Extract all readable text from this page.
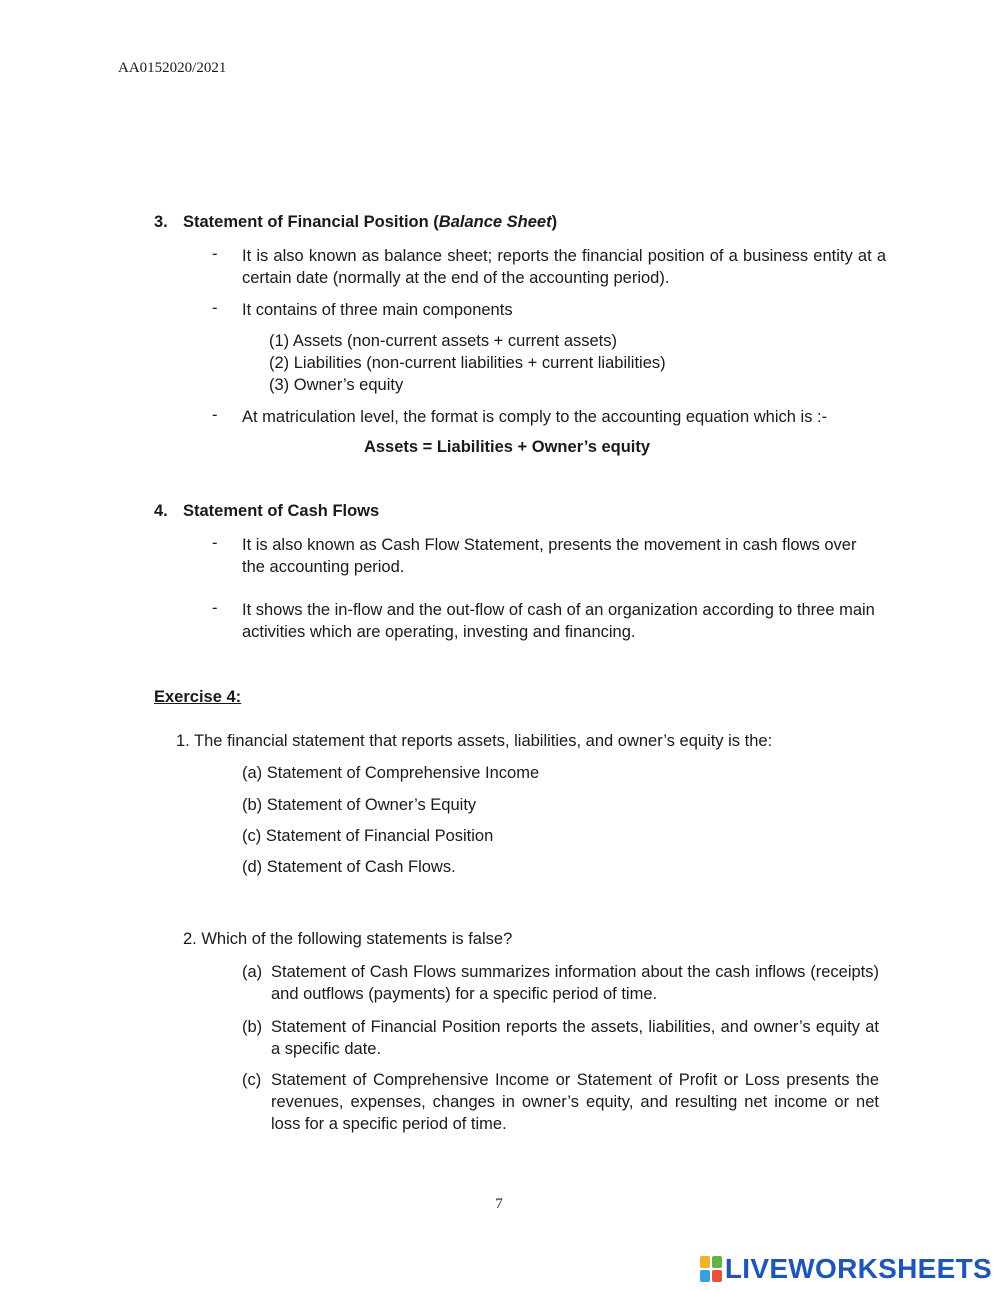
AA0152020/2021
3. Statement of Financial Position (Balance Sheet)
- It is also known as balance sheet; reports the financial position of a business entity at a certain date (normally at the end of the accounting period).
- It contains of three main components
(1) Assets (non-current assets + current assets)
(2) Liabilities (non-current liabilities + current liabilities)
(3) Owner’s equity
- At matriculation level, the format is comply to the accounting equation which is :-
Assets = Liabilities + Owner’s equity
4. Statement of Cash Flows
- It is also known as Cash Flow Statement, presents the movement in cash flows over the accounting period.
- It shows the in-flow and the out-flow of cash of an organization according to three main activities which are operating, investing and financing.
Exercise 4:
1. The financial statement that reports assets, liabilities, and owner’s equity is the:
(a) Statement of Comprehensive Income
(b) Statement of Owner’s Equity
(c) Statement of Financial Position
(d) Statement of Cash Flows.
2. Which of the following statements is false?
(a) Statement of Cash Flows summarizes information about the cash inflows (receipts) and outflows (payments) for a specific period of time.
(b) Statement of Financial Position reports the assets, liabilities, and owner’s equity at a specific date.
(c) Statement of Comprehensive Income or Statement of Profit or Loss presents the revenues, expenses, changes in owner’s equity, and resulting net income or net loss for a specific period of time.
7
LIVEWORKSHEETS
